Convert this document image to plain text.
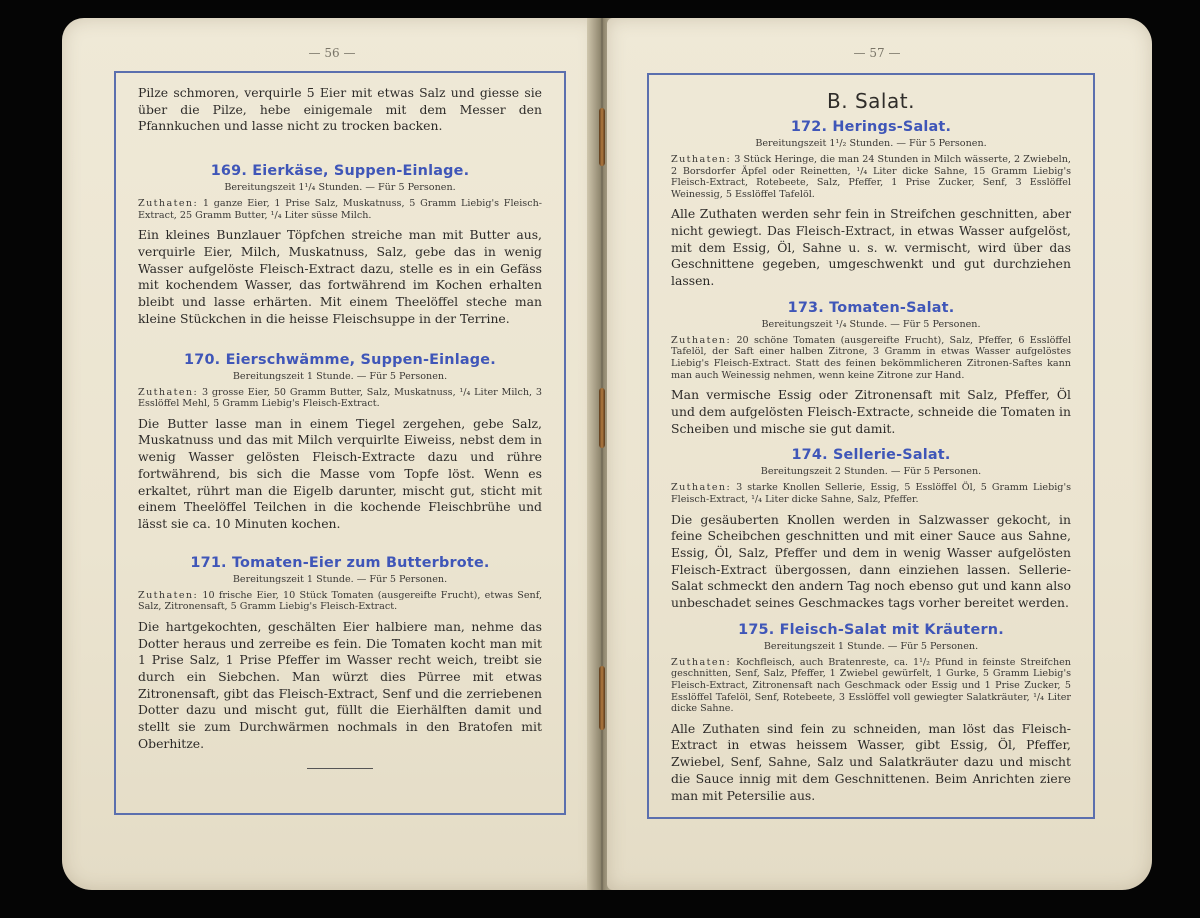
— 56 —

Pilze schmoren, verquirle 5 Eier mit etwas Salz und giesse sie über die Pilze, hebe einigemale mit dem Messer den Pfannkuchen und lasse nicht zu trocken backen.

169. Eierkäse, Suppen-Einlage.

Bereitungszeit 1¹/₄ Stunden. — Für 5 Personen.

Zuthaten: 1 ganze Eier, 1 Prise Salz, Muskatnuss, 5 Gramm Liebig's Fleisch-Extract, 25 Gramm Butter, ¹/₄ Liter süsse Milch.

Ein kleines Bunzlauer Töpfchen streiche man mit Butter aus, verquirle Eier, Milch, Muskatnuss, Salz, gebe das in wenig Wasser aufgelöste Fleisch-Extract dazu, stelle es in ein Gefäss mit kochendem Wasser, das fortwährend im Kochen erhalten bleibt und lasse erhärten. Mit einem Theelöffel steche man kleine Stückchen in die heisse Fleischsuppe in der Terrine.

170. Eierschwämme, Suppen-Einlage.

Bereitungszeit 1 Stunde. — Für 5 Personen.

Zuthaten: 3 grosse Eier, 50 Gramm Butter, Salz, Muskatnuss, ¹/₄ Liter Milch, 3 Esslöffel Mehl, 5 Gramm Liebig's Fleisch-Extract.

Die Butter lasse man in einem Tiegel zergehen, gebe Salz, Muskatnuss und das mit Milch verquirlte Eiweiss, nebst dem in wenig Wasser gelösten Fleisch-Extracte dazu und rühre fortwährend, bis sich die Masse vom Topfe löst. Wenn es erkaltet, rührt man die Eigelb darunter, mischt gut, sticht mit einem Theelöffel Teilchen in die kochende Fleischbrühe und lässt sie ca. 10 Minuten kochen.

171. Tomaten-Eier zum Butterbrote.

Bereitungszeit 1 Stunde. — Für 5 Personen.

Zuthaten: 10 frische Eier, 10 Stück Tomaten (ausgereifte Frucht), etwas Senf, Salz, Zitronensaft, 5 Gramm Liebig's Fleisch-Extract.

Die hartgekochten, geschälten Eier halbiere man, nehme das Dotter heraus und zerreibe es fein. Die Tomaten kocht man mit 1 Prise Salz, 1 Prise Pfeffer im Wasser recht weich, treibt sie durch ein Siebchen. Man würzt dies Pürree mit etwas Zitronensaft, gibt das Fleisch-Extract, Senf und die zerriebenen Dotter dazu und mischt gut, füllt die Eierhälften damit und stellt sie zum Durchwärmen nochmals in den Bratofen mit Oberhitze.

— 57 —
B. Salat.
172. Herings-Salat.

Bereitungszeit 1¹/₂ Stunden. — Für 5 Personen.

Zuthaten: 3 Stück Heringe, die man 24 Stunden in Milch wässerte, 2 Zwiebeln, 2 Borsdorfer Äpfel oder Reinetten, ¹/₄ Liter dicke Sahne, 15 Gramm Liebig's Fleisch-Extract, Rotebeete, Salz, Pfeffer, 1 Prise Zucker, Senf, 3 Esslöffel Weinessig, 5 Esslöffel Tafelöl.

Alle Zuthaten werden sehr fein in Streifchen geschnitten, aber nicht gewiegt. Das Fleisch-Extract, in etwas Wasser aufgelöst, mit dem Essig, Öl, Sahne u. s. w. vermischt, wird über das Geschnittene gegeben, umgeschwenkt und gut durchziehen lassen.

173. Tomaten-Salat.

Bereitungszeit ¹/₄ Stunde. — Für 5 Personen.

Zuthaten: 20 schöne Tomaten (ausgereifte Frucht), Salz, Pfeffer, 6 Esslöffel Tafelöl, der Saft einer halben Zitrone, 3 Gramm in etwas Wasser aufgelöstes Liebig's Fleisch-Extract. Statt des feinen bekömmlicheren Zitronen-Saftes kann man auch Weinessig nehmen, wenn keine Zitrone zur Hand.

Man vermische Essig oder Zitronensaft mit Salz, Pfeffer, Öl und dem aufgelösten Fleisch-Extracte, schneide die Tomaten in Scheiben und mische sie gut damit.

174. Sellerie-Salat.

Bereitungszeit 2 Stunden. — Für 5 Personen.

Zuthaten: 3 starke Knollen Sellerie, Essig, 5 Esslöffel Öl, 5 Gramm Liebig's Fleisch-Extract, ¹/₄ Liter dicke Sahne, Salz, Pfeffer.

Die gesäuberten Knollen werden in Salzwasser gekocht, in feine Scheibchen geschnitten und mit einer Sauce aus Sahne, Essig, Öl, Salz, Pfeffer und dem in wenig Wasser aufgelösten Fleisch-Extract übergossen, dann einziehen lassen. Sellerie-Salat schmeckt den andern Tag noch ebenso gut und kann also unbeschadet seines Geschmackes tags vorher bereitet werden.

175. Fleisch-Salat mit Kräutern.

Bereitungszeit 1 Stunde. — Für 5 Personen.

Zuthaten: Kochfleisch, auch Bratenreste, ca. 1¹/₂ Pfund in feinste Streifchen geschnitten, Senf, Salz, Pfeffer, 1 Zwiebel gewürfelt, 1 Gurke, 5 Gramm Liebig's Fleisch-Extract, Zitronensaft nach Geschmack oder Essig und 1 Prise Zucker, 5 Esslöffel Tafelöl, Senf, Rotebeete, 3 Esslöffel voll gewiegter Salatkräuter, ¹/₄ Liter dicke Sahne.

Alle Zuthaten sind fein zu schneiden, man löst das Fleisch-Extract in etwas heissem Wasser, gibt Essig, Öl, Pfeffer, Zwiebel, Senf, Sahne, Salz und Salatkräuter dazu und mischt die Sauce innig mit dem Geschnittenen. Beim Anrichten ziere man mit Petersilie aus.
